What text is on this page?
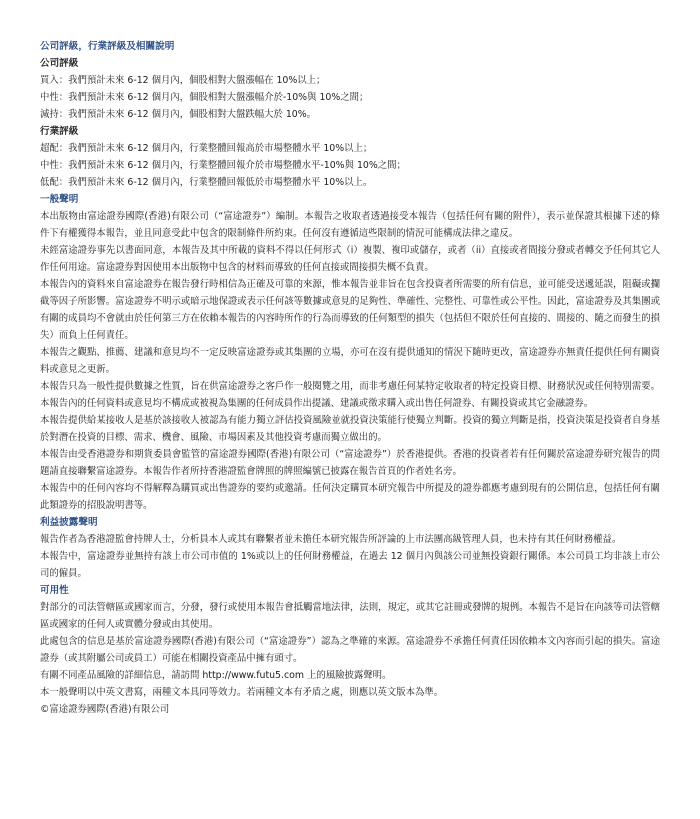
公司評級，行業評級及相關說明
公司評級
買入：我們預計未來 6-12 個月內，個股相對大盤漲幅在 10%以上；
中性：我們預計未來 6-12 個月內，個股相對大盤漲幅介於-10%與 10%之間；
減持：我們預計未來 6-12 個月內，個股相對大盤跌幅大於 10%。
行業評級
超配：我們預計未來 6-12 個月內，行業整體回報高於市場整體水平 10%以上；
中性：我們預計未來 6-12 個月內，行業整體回報介於市場整體水平-10%與 10%之間；
低配：我們預計未來 6-12 個月內，行業整體回報低於市場整體水平 10%以上。
一般聲明

本出版物由富途證券國際(香港)有限公司（“富途證券”）編制。本報告之收取者透過接受本報告（包括任何有關的附件），表示並保證其根據下述的條件下有權獲得本報告，並且同意受此中包含的限制條件所約束。任何沒有遵循這些限制的情況可能構成法律之違反。

未經富途證券事先以書面同意，本報告及其中所載的資料不得以任何形式（i）複製、複印或儲存，或者（ii）直接或者間接分發或者轉交予任何其它人作任何用途。富途證券對因使用本出版物中包含的材料而導致的任何直接或間接損失概不負責。

本報告內的資料來自富途證券在報告發行時相信為正確及可靠的來源，惟本報告並非旨在包含投資者所需要的所有信息，並可能受送遞延誤，阻礙或攔截等因子所影響。富途證券不明示或暗示地保證或表示任何該等數據或意見的足夠性、準確性、完整性、可靠性或公平性。因此，富途證券及其集團或有關的成員均不會就由於任何第三方在依賴本報告的內容時所作的行為而導致的任何類型的損失（包括但不限於任何直接的、間接的、隨之而發生的損失）而負上任何責任。

本報告之觀點、推薦、建議和意見均不一定反映富途證券或其集團的立場，亦可在沒有提供通知的情況下隨時更改，富途證券亦無責任提供任何有關資料或意見之更新。

本報告只為一般性提供數據之性質，旨在供富途證券之客戶作一般閱覽之用，而非考慮任何某特定收取者的特定投資目標、財務狀況或任何特別需要。本報告內的任何資料或意見均不構成或被視為集團的任何成員作出提議、建議或徵求購入或出售任何證券、有關投資或其它金融證券。

本報告提供給某接收人是基於該接收人被認為有能力獨立評估投資風險並就投資決策能行使獨立判斷。投資的獨立判斷是指，投資決策是投資者自身基於對潛在投資的目標、需求、機會、風險、市場因素及其他投資考慮而獨立做出的。

本報告由受香港證券和期貨委員會監管的富途證券國際(香港)有限公司（“富途證券”）於香港提供。香港的投資者若有任何關於富途證券研究報告的問題請直接聯繫富途證券。本報告作者所持香港證監會牌照的牌照編號已披露在報告首頁的作者姓名旁。

本報告中的任何內容均不得解釋為購買或出售證券的要約或邀請。任何決定購買本研究報告中所提及的證券都應考慮到現有的公開信息，包括任何有關此類證券的招股說明書等。

利益披露聲明

報告作者為香港證監會持牌人士，分析員本人或其有聯繫者並未擔任本研究報告所評論的上市法團高級管理人員，也未持有其任何財務權益。

本報告中，富途證券並無持有該上市公司市值的 1%或以上的任何財務權益，在過去 12 個月內與該公司並無投資銀行關係。本公司員工均非該上市公司的僱員。

可用性

對部分的司法管轄區或國家而言，分發，發行或使用本報告會抵觸當地法律，法則，規定，或其它註冊或發牌的規例。本報告不是旨在向該等司法管轄區或國家的任何人或實體分發或由其使用。

此處包含的信息是基於富途證券國際(香港)有限公司（“富途證券”）認為之準確的來源。富途證券不承擔任何責任因依賴本文內容而引起的損失。富途證券（或其附屬公司或員工）可能在相關投資產品中擁有頭寸。

有關不同產品風險的詳細信息，請訪問 http://www.futu5.com 上的風險披露聲明。

本一般聲明以中英文書寫，兩種文本具同等效力。若兩種文本有矛盾之處，則應以英文版本為準。

©富途證券國際(香港)有限公司
